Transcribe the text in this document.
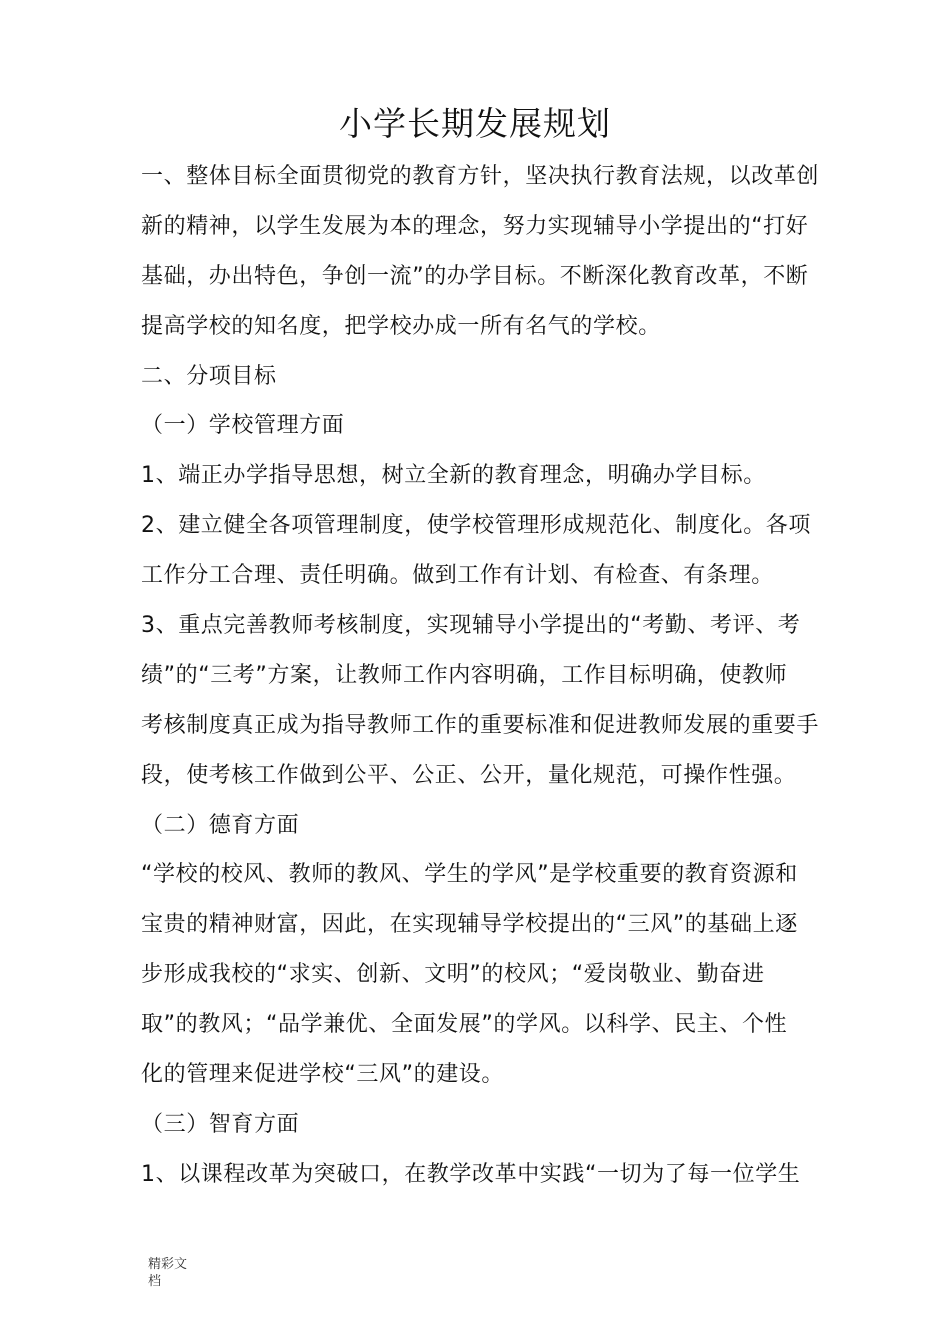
小学长期发展规划
一、整体目标全面贯彻党的教育方针，坚决执行教育法规，以改革创
新的精神，以学生发展为本的理念，努力实现辅导小学提出的“打好
基础，办出特色，争创一流”的办学目标。不断深化教育改革，不断
提高学校的知名度，把学校办成一所有名气的学校。
二、分项目标
（一）学校管理方面
1、端正办学指导思想，树立全新的教育理念，明确办学目标。
2、建立健全各项管理制度，使学校管理形成规范化、制度化。各项
工作分工合理、责任明确。做到工作有计划、有检查、有条理。
3、重点完善教师考核制度，实现辅导小学提出的“考勤、考评、考
绩”的“三考”方案，让教师工作内容明确，工作目标明确，使教师
考核制度真正成为指导教师工作的重要标准和促进教师发展的重要手
段，使考核工作做到公平、公正、公开，量化规范，可操作性强。
（二）德育方面
“学校的校风、教师的教风、学生的学风”是学校重要的教育资源和
宝贵的精神财富，因此，在实现辅导学校提出的“三风”的基础上逐
步形成我校的“求实、创新、文明”的校风；“爱岗敬业、勤奋进
取”的教风；“品学兼优、全面发展”的学风。以科学、民主、个性
化的管理来促进学校“三风”的建设。
（三）智育方面
1、以课程改革为突破口，在教学改革中实践“一切为了每一位学生
精彩文
档
